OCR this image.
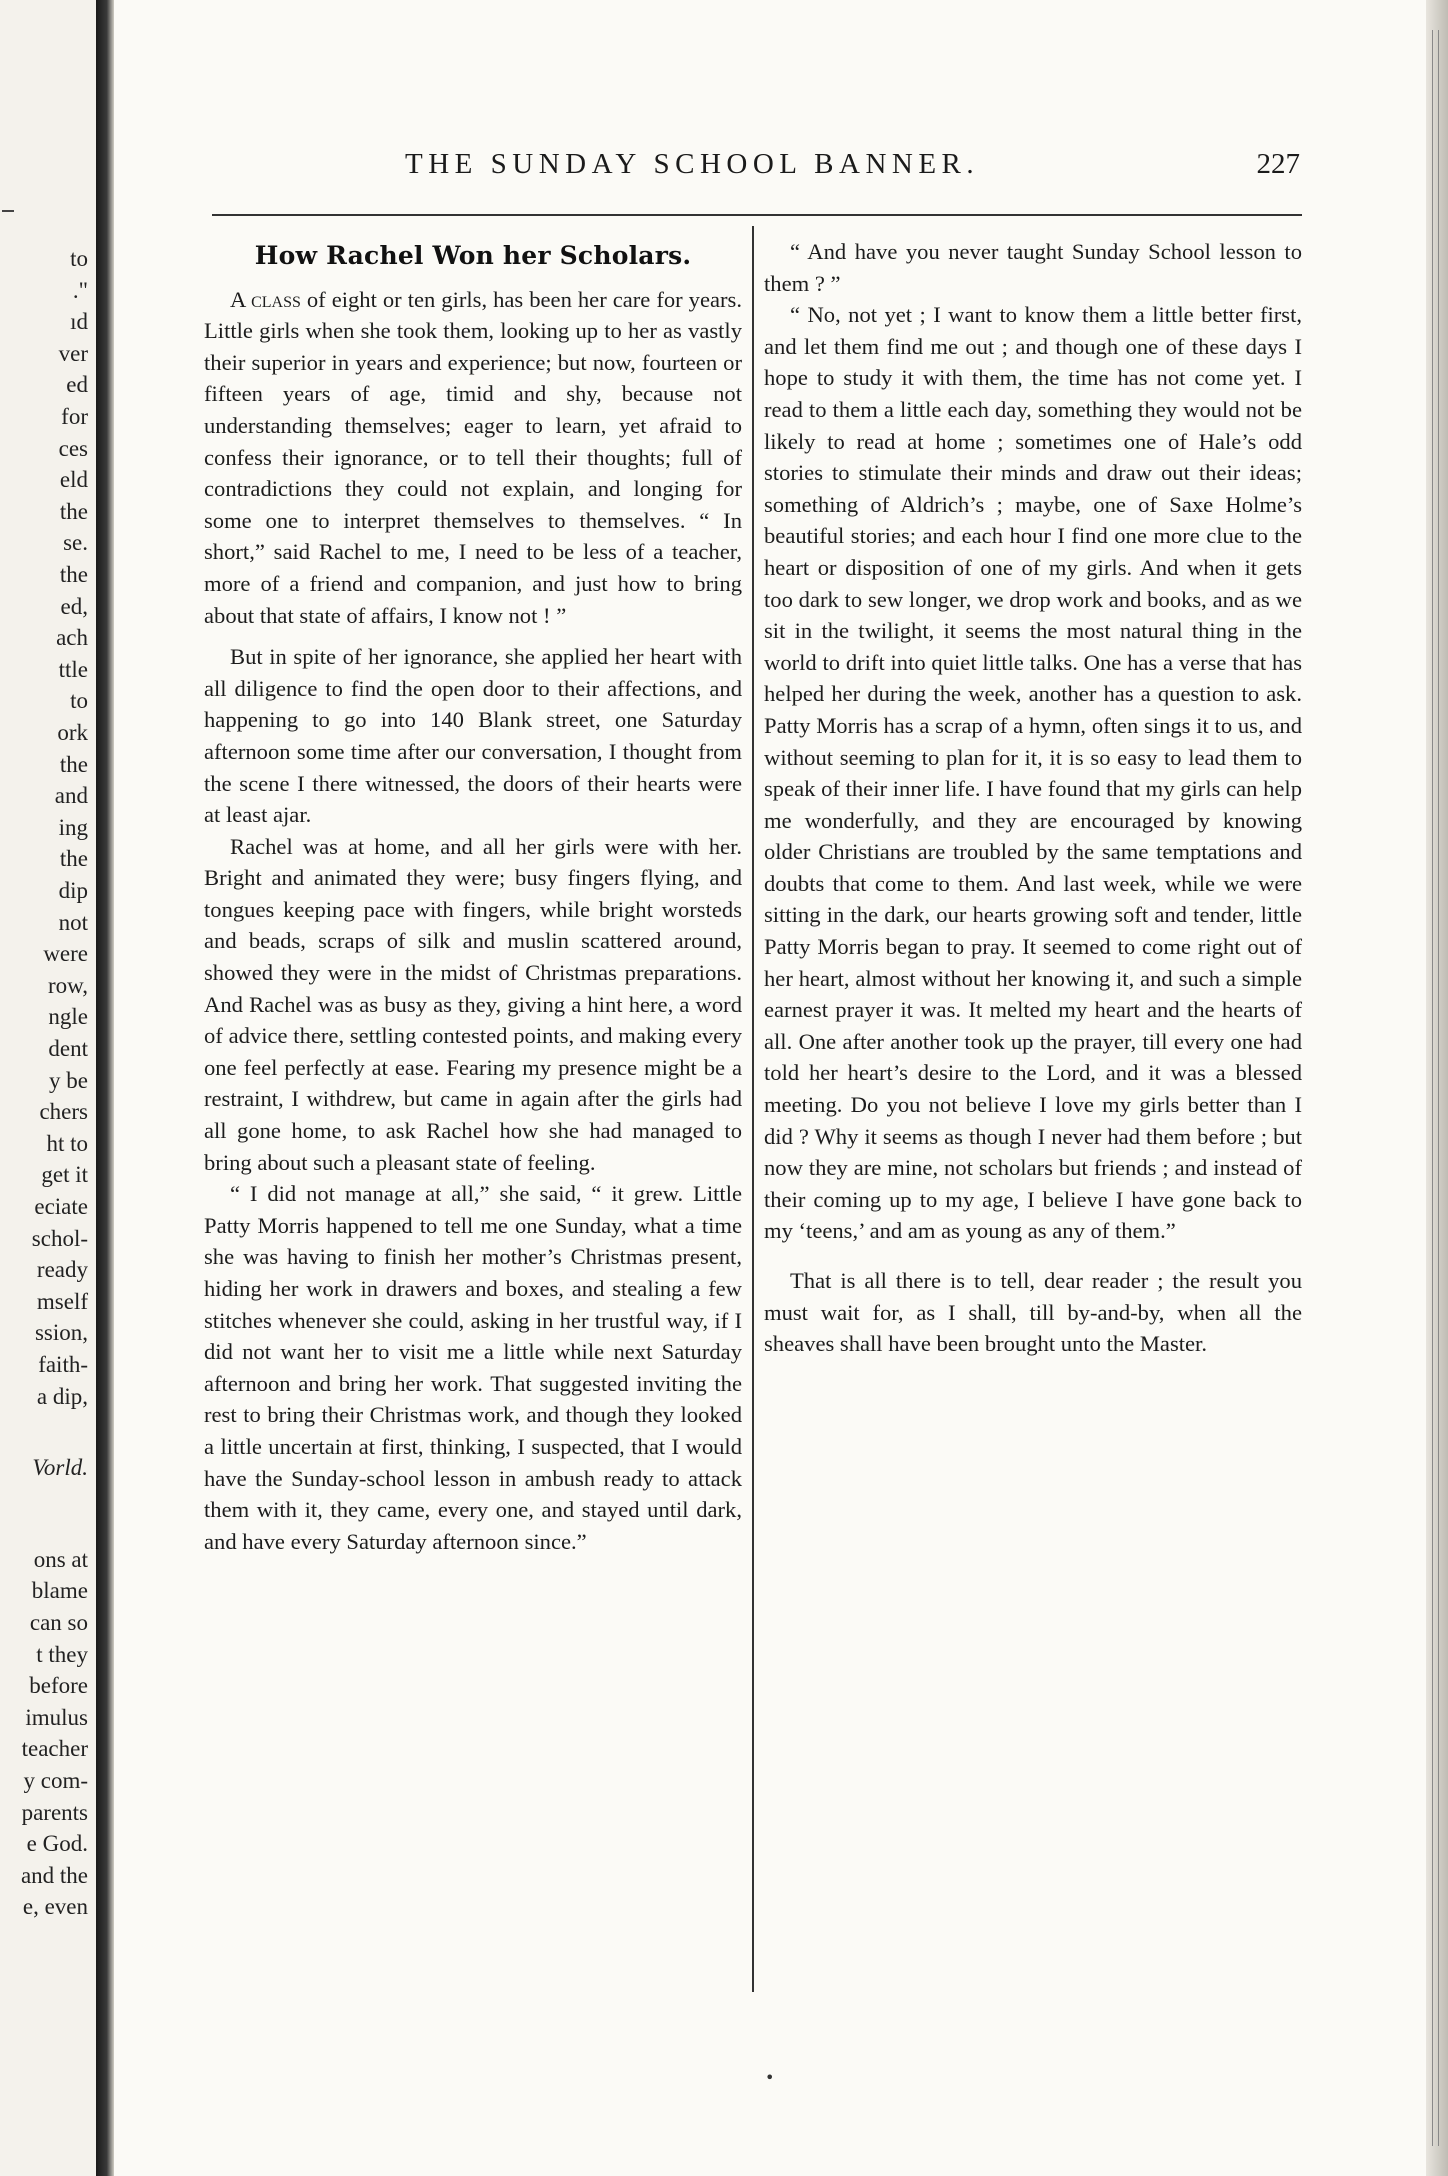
to
."
ıd
ver
ed
for
ces
eld
the
se.
the
ed,
ach
ttle
to
ork
the
and
ing
the
dip
not
were
row,
ngle
dent
y be
chers
ht to
get it
eciate
schol-
ready
mself
ssion,
faith-
a dip,
Vorld.
ons at
blame
can so
t they
before
imulus
teacher
y com-
parents
e God.
and the
e, even
THE SUNDAY SCHOOL BANNER.	227
How Rachel Won her Scholars.

A class of eight or ten girls, has been her care for years. Little girls when she took them, looking up to her as vastly their superior in years and experience; but now, fourteen or fifteen years of age, timid and shy, because not understanding themselves; eager to learn, yet afraid to confess their ignorance, or to tell their thoughts; full of contradictions they could not explain, and longing for some one to interpret themselves to themselves. “ In short,” said Rachel to me, I need to be less of a teacher, more of a friend and companion, and just how to bring about that state of affairs, I know not ! ”

But in spite of her ignorance, she applied her heart with all diligence to find the open door to their affections, and happening to go into 140 Blank street, one Saturday afternoon some time after our conversation, I thought from the scene I there witnessed, the doors of their hearts were at least ajar.

Rachel was at home, and all her girls were with her. Bright and animated they were; busy fingers flying, and tongues keeping pace with fingers, while bright worsteds and beads, scraps of silk and muslin scattered around, showed they were in the midst of Christmas preparations. And Rachel was as busy as they, giving a hint here, a word of advice there, settling contested points, and making every one feel perfectly at ease. Fearing my presence might be a restraint, I withdrew, but came in again after the girls had all gone home, to ask Rachel how she had managed to bring about such a pleasant state of feeling.

“ I did not manage at all,” she said, “ it grew. Little Patty Morris happened to tell me one Sunday, what a time she was having to finish her mother’s Christmas present, hiding her work in drawers and boxes, and stealing a few stitches whenever she could, asking in her trustful way, if I did not want her to visit me a little while next Saturday afternoon and bring her work. That suggested inviting the rest to bring their Christmas work, and though they looked a little uncertain at first, thinking, I suspected, that I would have the Sunday-school lesson in ambush ready to attack them with it, they came, every one, and stayed until dark, and have every Saturday afternoon since.”

“ And have you never taught Sunday School lesson to them ? ”

“ No, not yet ; I want to know them a little better first, and let them find me out ; and though one of these days I hope to study it with them, the time has not come yet. I read to them a little each day, something they would not be likely to read at home ; sometimes one of Hale’s odd stories to stimulate their minds and draw out their ideas; something of Aldrich’s ; maybe, one of Saxe Holme’s beautiful stories; and each hour I find one more clue to the heart or disposition of one of my girls. And when it gets too dark to sew longer, we drop work and books, and as we sit in the twilight, it seems the most natural thing in the world to drift into quiet little talks. One has a verse that has helped her during the week, another has a question to ask. Patty Morris has a scrap of a hymn, often sings it to us, and without seeming to plan for it, it is so easy to lead them to speak of their inner life. I have found that my girls can help me wonderfully, and they are encouraged by knowing older Christians are troubled by the same temptations and doubts that come to them. And last week, while we were sitting in the dark, our hearts growing soft and tender, little Patty Morris began to pray. It seemed to come right out of her heart, almost without her knowing it, and such a simple earnest prayer it was. It melted my heart and the hearts of all. One after another took up the prayer, till every one had told her heart’s desire to the Lord, and it was a blessed meeting. Do you not believe I love my girls better than I did ? Why it seems as though I never had them before ; but now they are mine, not scholars but friends ; and instead of their coming up to my age, I believe I have gone back to my ‘teens,’ and am as young as any of them.”

That is all there is to tell, dear reader ; the result you must wait for, as I shall, till by-and-by, when all the sheaves shall have been brought unto the Master.

•
